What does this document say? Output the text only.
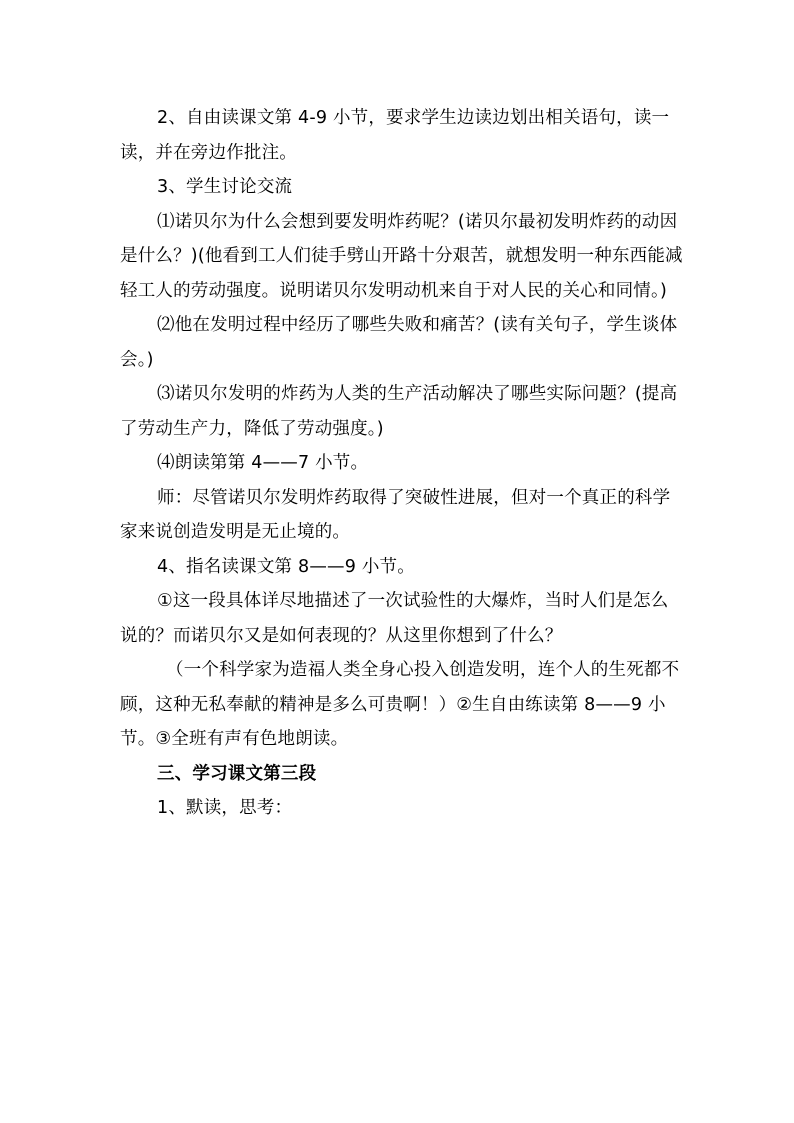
2、自由读课文第 4-9 小节，要求学生边读边划出相关语句，读一读，并在旁边作批注。

3、学生讨论交流

⑴诺贝尔为什么会想到要发明炸药呢？(诺贝尔最初发明炸药的动因是什么？)(他看到工人们徒手劈山开路十分艰苦，就想发明一种东西能减轻工人的劳动强度。说明诺贝尔发明动机来自于对人民的关心和同情。)

⑵他在发明过程中经历了哪些失败和痛苦？(读有关句子，学生谈体会。)

⑶诺贝尔发明的炸药为人类的生产活动解决了哪些实际问题？(提高了劳动生产力，降低了劳动强度。)

⑷朗读第第 4——7 小节。

师：尽管诺贝尔发明炸药取得了突破性进展，但对一个真正的科学家来说创造发明是无止境的。

4、指名读课文第 8——9 小节。

①这一段具体详尽地描述了一次试验性的大爆炸，当时人们是怎么说的？而诺贝尔又是如何表现的？从这里你想到了什么？

（一个科学家为造福人类全身心投入创造发明，连个人的生死都不顾，这种无私奉献的精神是多么可贵啊！）②生自由练读第 8——9 小节。③全班有声有色地朗读。

三、学习课文第三段

1、默读，思考：
